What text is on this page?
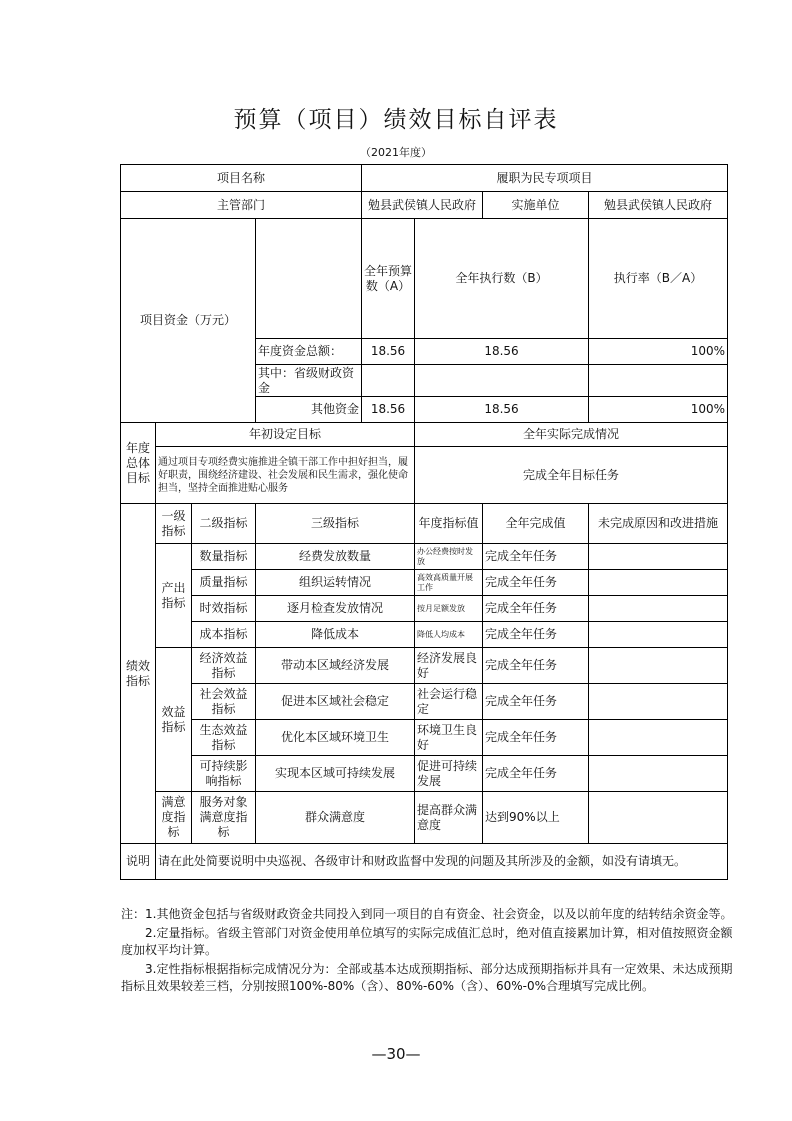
预算（项目）绩效目标自评表
（2021年度）
项目名称				履职为民专项项目			
主管部门				勉县武侯镇人民政府		实施单位	勉县武侯镇人民政府
项目资金（万元）				全年预算数（A）	全年执行数（B）		执行率（B／A）
			年度资金总额：	18.56	18.56		100%
			其中：省级财政资金				
			其他资金	18.56	18.56		100%
年度总体目标	年初设定目标				全年实际完成情况		
	通过项目专项经费实施推进全镇干部工作中担好担当，履好职责，围绕经济建设、社会发展和民生需求，强化使命担当，坚持全面推进贴心服务				完成全年目标任务		
绩效指标	一级指标	二级指标	三级指标		年度指标值	全年完成值	未完成原因和改进措施
	产出指标	数量指标	经费发放数量		办公经费按时发放	完成全年任务	
		质量指标	组织运转情况		高效高质量开展工作	完成全年任务	
		时效指标	逐月检查发放情况		按月足额发放	完成全年任务	
		成本指标	降低成本		降低人均成本	完成全年任务	
	效益指标	经济效益指标	带动本区域经济发展		经济发展良好	完成全年任务	
		社会效益指标	促进本区域社会稳定		社会运行稳定	完成全年任务	
		生态效益指标	优化本区域环境卫生		环境卫生良好	完成全年任务	
		可持续影响指标	实现本区域可持续发展		促进可持续发展	完成全年任务	
	满意度指标	服务对象满意度指标	群众满意度		提高群众满意度	达到90%以上	
说明	请在此处简要说明中央巡视、各级审计和财政监督中发现的问题及其所涉及的金额，如没有请填无。						

注：1.其他资金包括与省级财政资金共同投入到同一项目的自有资金、社会资金，以及以前年度的结转结余资金等。

2.定量指标。省级主管部门对资金使用单位填写的实际完成值汇总时，绝对值直接累加计算，相对值按照资金额度加权平均计算。

3.定性指标根据指标完成情况分为：全部或基本达成预期指标、部分达成预期指标并具有一定效果、未达成预期指标且效果较差三档，分别按照100%-80%（含）、80%-60%（含）、60%-0%合理填写完成比例。

—30—
